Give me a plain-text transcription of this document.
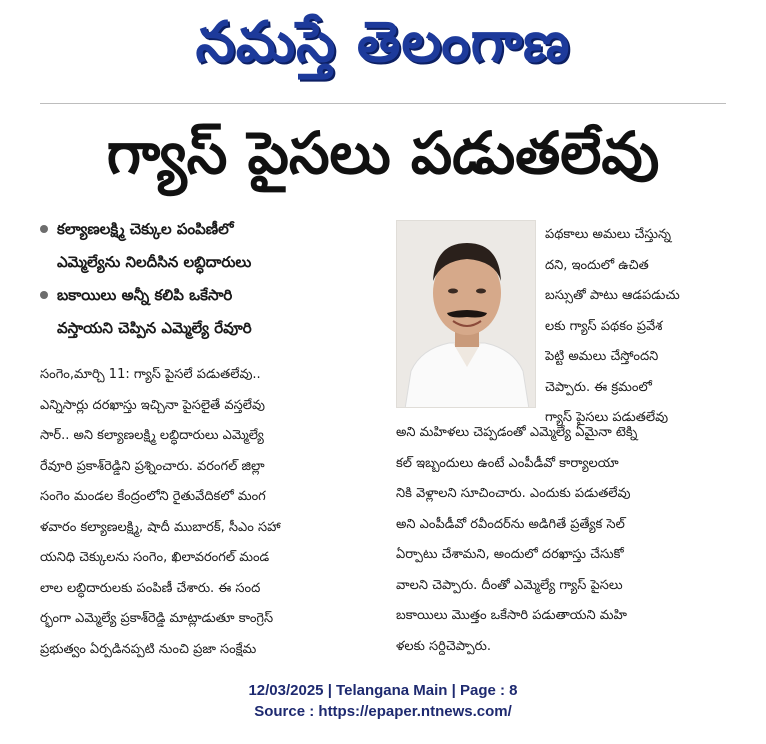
నమస్తే తెలంగాణ
గ్యాస్ పైసలు పడుతలేవు
కల్యాణలక్ష్మి చెక్కుల పంపిణీలో
ఎమ్మెల్యేను నిలదీసిన లబ్ధిదారులు
బకాయిలు అన్నీ కలిపి ఒకేసారి
వస్తాయని చెప్పిన ఎమ్మెల్యే రేవూరి
సంగెం,మార్చి 11: గ్యాస్ పైసలే పడుతలేవు..
ఎన్నిసార్లు దరఖాస్తు ఇచ్చినా పైసలైతే వస్తలేవు
సార్.. అని కల్యాణలక్ష్మి లబ్ధిదారులు ఎమ్మెల్యే
రేవూరి ప్రకాశ్‌రెడ్డిని ప్రశ్నించారు. వరంగల్ జిల్లా
సంగెం మండల కేంద్రంలోని రైతువేదికలో మంగ
ళవారం కల్యాణలక్ష్మి, షాదీ ముబారక్, సీఎం సహా
యనిధి చెక్కులను సంగెం, ఖిలావరంగల్ మండ
లాల లబ్ధిదారులకు పంపిణీ చేశారు. ఈ సంద
ర్భంగా ఎమ్మెల్యే ప్రకాశ్‌రెడ్డి మాట్లాడుతూ కాంగ్రెస్
ప్రభుత్వం ఏర్పడినప్పటి నుంచి ప్రజా సంక్షేమ
పథకాలు అమలు చేస్తున్న
దని, ఇందులో ఉచిత
బస్సుతో పాటు ఆడపడుచు
లకు గ్యాస్ పథకం ప్రవేశ
పెట్టి అమలు చేస్తోందని
చెప్పారు. ఈ క్రమంలో
గ్యాస్ పైసలు పడుతలేవు
అని మహిళలు చెప్పడంతో ఎమ్మెల్యే ఏమైనా టెక్ని
కల్ ఇబ్బందులు ఉంటే ఎంపీడీవో కార్యాలయా
నికి వెళ్లాలని సూచించారు. ఎందుకు పడుతలేవు
అని ఎంపీడీవో రవీందర్‌ను అడిగితే ప్రత్యేక సెల్
ఏర్పాటు చేశామని, అందులో దరఖాస్తు చేసుకో
వాలని చెప్పారు. దీంతో ఎమ్మెల్యే గ్యాస్ పైసలు
బకాయిలు మొత్తం ఒకేసారి పడుతాయని మహి
ళలకు సర్దిచెప్పారు.
12/03/2025 | Telangana Main | Page : 8
Source : https://epaper.ntnews.com/
